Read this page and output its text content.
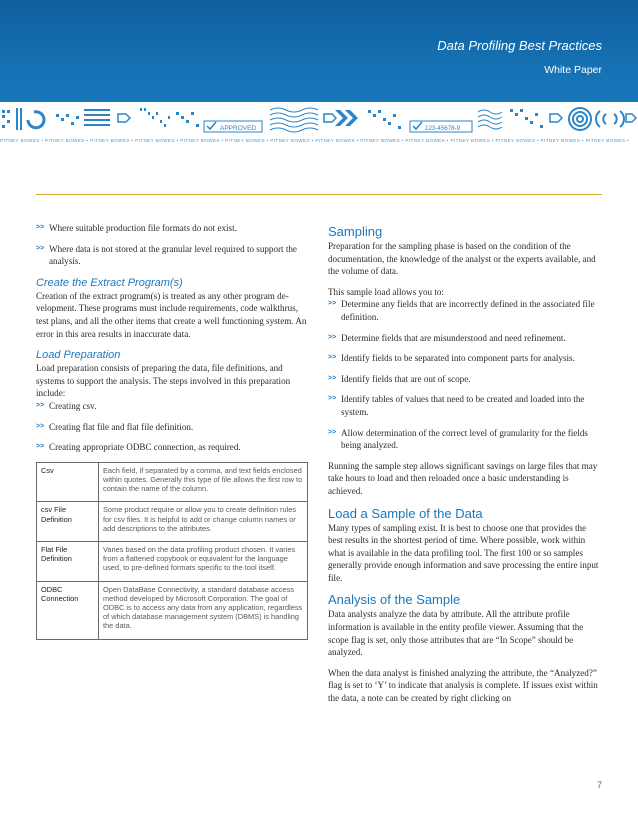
Data Profiling Best Practices
White Paper
APPROVED	123-45678-9
PITNEY BOWES • PITNEY BOWES • PITNEY BOWES • PITNEY BOWES • PITNEY BOWES • PITNEY BOWES • PITNEY BOWES • PITNEY BOWES • PITNEY BOWES • PITNEY BOWES • PITNEY BOWES • PITNEY BOWES • PITNEY BOWES • PITNEY BOWES •
>> Where suitable production file formats do not exist.
>> Where data is not stored at the granular level required to support the analysis.
Create the Extract Program(s)
Creation of the extract program(s) is treated as any other program development. These programs must include requirements, code walkthrus, test plans, and all the other items that create a well functioning system. An error in this area results in inaccurate data.
Load Preparation
Load preparation consists of preparing the data, file definitions, and systems to support the analysis. The steps involved in this preparation include:
>> Creating csv.
>> Creating flat file and flat file definition.
>> Creating appropriate ODBC connection, as required.
Csv	Each field, if separated by a comma, and text fields enclosed within quotes. Generally this type of file allows the first row to contain the name of the column.
csv File Definition	Some product require or allow you to create definition rules for csv files. It is helpful to add or change column names or add descriptions to the attributes.
Flat File Definition	Varies based on the data profiling product chosen. It varies from a flattened copybook or equivalent for the language used, to pre-defined formats specific to the tool itself.
ODBC Connection	Open DataBase Connectivity, a standard database access method developed by Microsoft Corporation. The goal of ODBC is to access any data from any application, regardless of which database management system (DBMS) is handling the data.
Sampling
Preparation for the sampling phase is based on the condition of the documentation, the knowledge of the analyst or the experts available, and the volume of data.
This sample load allows you to:
>> Determine any fields that are incorrectly defined in the associated file definition.
>> Determine fields that are misunderstood and need refinement.
>> Identify fields to be separated into component parts for analysis.
>> Identify fields that are out of scope.
>> Identify tables of values that need to be created and loaded into the system.
>> Allow determination of the correct level of granularity for the fields being analyzed.
Running the sample step allows significant savings on large files that may take hours to load and then reloaded once a basic understanding is achieved.
Load a Sample of the Data
Many types of sampling exist. It is best to choose one that provides the best results in the shortest period of time. Where possible, work within what is available in the data profiling tool. The first 100 or so samples generally provide enough information and save processing the entire input file.
Analysis of the Sample
Data analysts analyze the data by attribute. All the attribute profile information is available in the entity profile viewer. Assuming that the scope flag is set, only those attributes that are “In Scope” should be analyzed.
When the data analyst is finished analyzing the attribute, the “Analyzed?” flag is set to ‘Y’ to indicate that analysis is complete. If issues exist within the data, a note can be created by right clicking on
7
